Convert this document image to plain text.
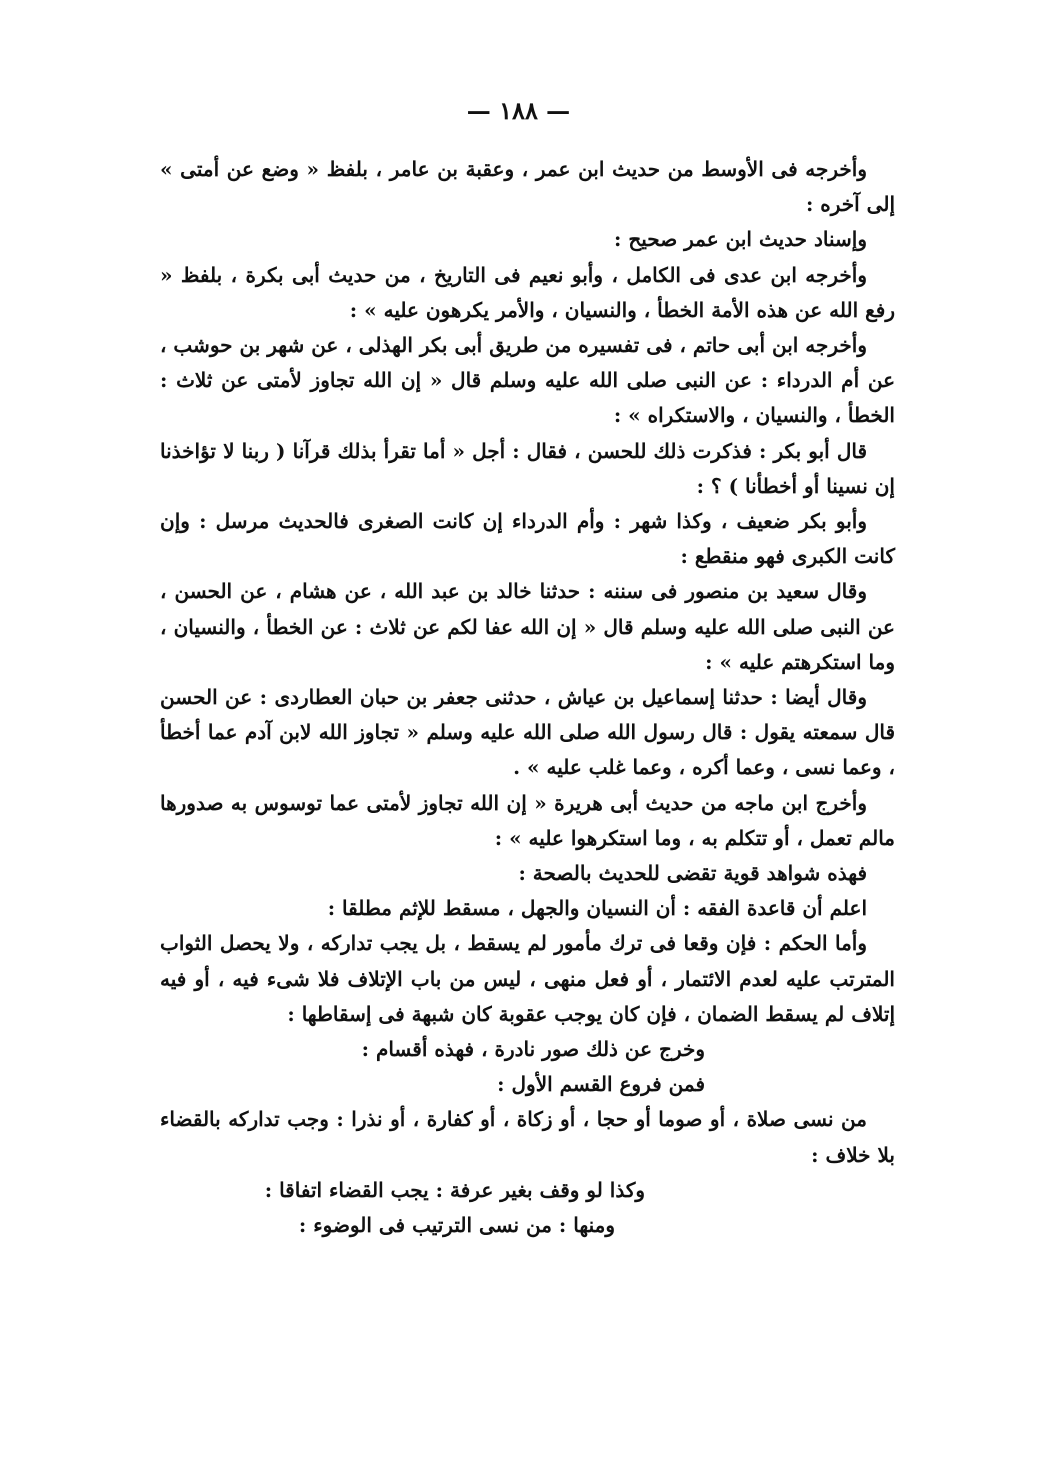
— ١٨٨ —

وأخرجه فى الأوسط من حديث ابن عمر ، وعقبة بن عامر ، بلفظ « وضع عن أمتى » إلى آخره :

وإسناد حديث ابن عمر صحيح :

وأخرجه ابن عدى فى الكامل ، وأبو نعيم فى التاريخ ، من حديث أبى بكرة ، بلفظ « رفع الله عن هذه الأمة الخطأ ، والنسيان ، والأمر يكرهون عليه » :

وأخرجه ابن أبى حاتم ، فى تفسيره من طريق أبى بكر الهذلى ، عن شهر بن حوشب ، عن أم الدرداء : عن النبى صلى الله عليه وسلم قال « إن الله تجاوز لأمتى عن ثلاث : الخطأ ، والنسيان ، والاستكراه » :

قال أبو بكر : فذكرت ذلك للحسن ، فقال : أجل « أما تقرأ بذلك قرآنا ( ربنا لا تؤاخذنا إن نسينا أو أخطأنا ) ؟ :

وأبو بكر ضعيف ، وكذا شهر : وأم الدرداء إن كانت الصغرى فالحديث مرسل : وإن كانت الكبرى فهو منقطع :

وقال سعيد بن منصور فى سننه : حدثنا خالد بن عبد الله ، عن هشام ، عن الحسن ، عن النبى صلى الله عليه وسلم قال « إن الله عفا لكم عن ثلاث : عن الخطأ ، والنسيان ، وما استكرهتم عليه » :

وقال أيضا : حدثنا إسماعيل بن عياش ، حدثنى جعفر بن حبان العطاردى : عن الحسن قال سمعته يقول : قال رسول الله صلى الله عليه وسلم « تجاوز الله لابن آدم عما أخطأ ، وعما نسى ، وعما أكره ، وعما غلب عليه » .

وأخرج ابن ماجه من حديث أبى هريرة « إن الله تجاوز لأمتى عما توسوس به صدورها مالم تعمل ، أو تتكلم به ، وما استكرهوا عليه » :

فهذه شواهد قوية تقضى للحديث بالصحة :

اعلم أن قاعدة الفقه : أن النسيان والجهل ، مسقط للإثم مطلقا :

وأما الحكم : فإن وقعا فى ترك مأمور لم يسقط ، بل يجب تداركه ، ولا يحصل الثواب المترتب عليه لعدم الائتمار ، أو فعل منهى ، ليس من باب الإتلاف فلا شىء فيه ، أو فيه إتلاف لم يسقط الضمان ، فإن كان يوجب عقوبة كان شبهة فى إسقاطها :

وخرج عن ذلك صور نادرة ، فهذه أقسام :

فمن فروع القسم الأول :

من نسى صلاة ، أو صوما أو حجا ، أو زكاة ، أو كفارة ، أو نذرا : وجب تداركه بالقضاء بلا خلاف :

وكذا لو وقف بغير عرفة : يجب القضاء اتفاقا :

ومنها : من نسى الترتيب فى الوضوء :
